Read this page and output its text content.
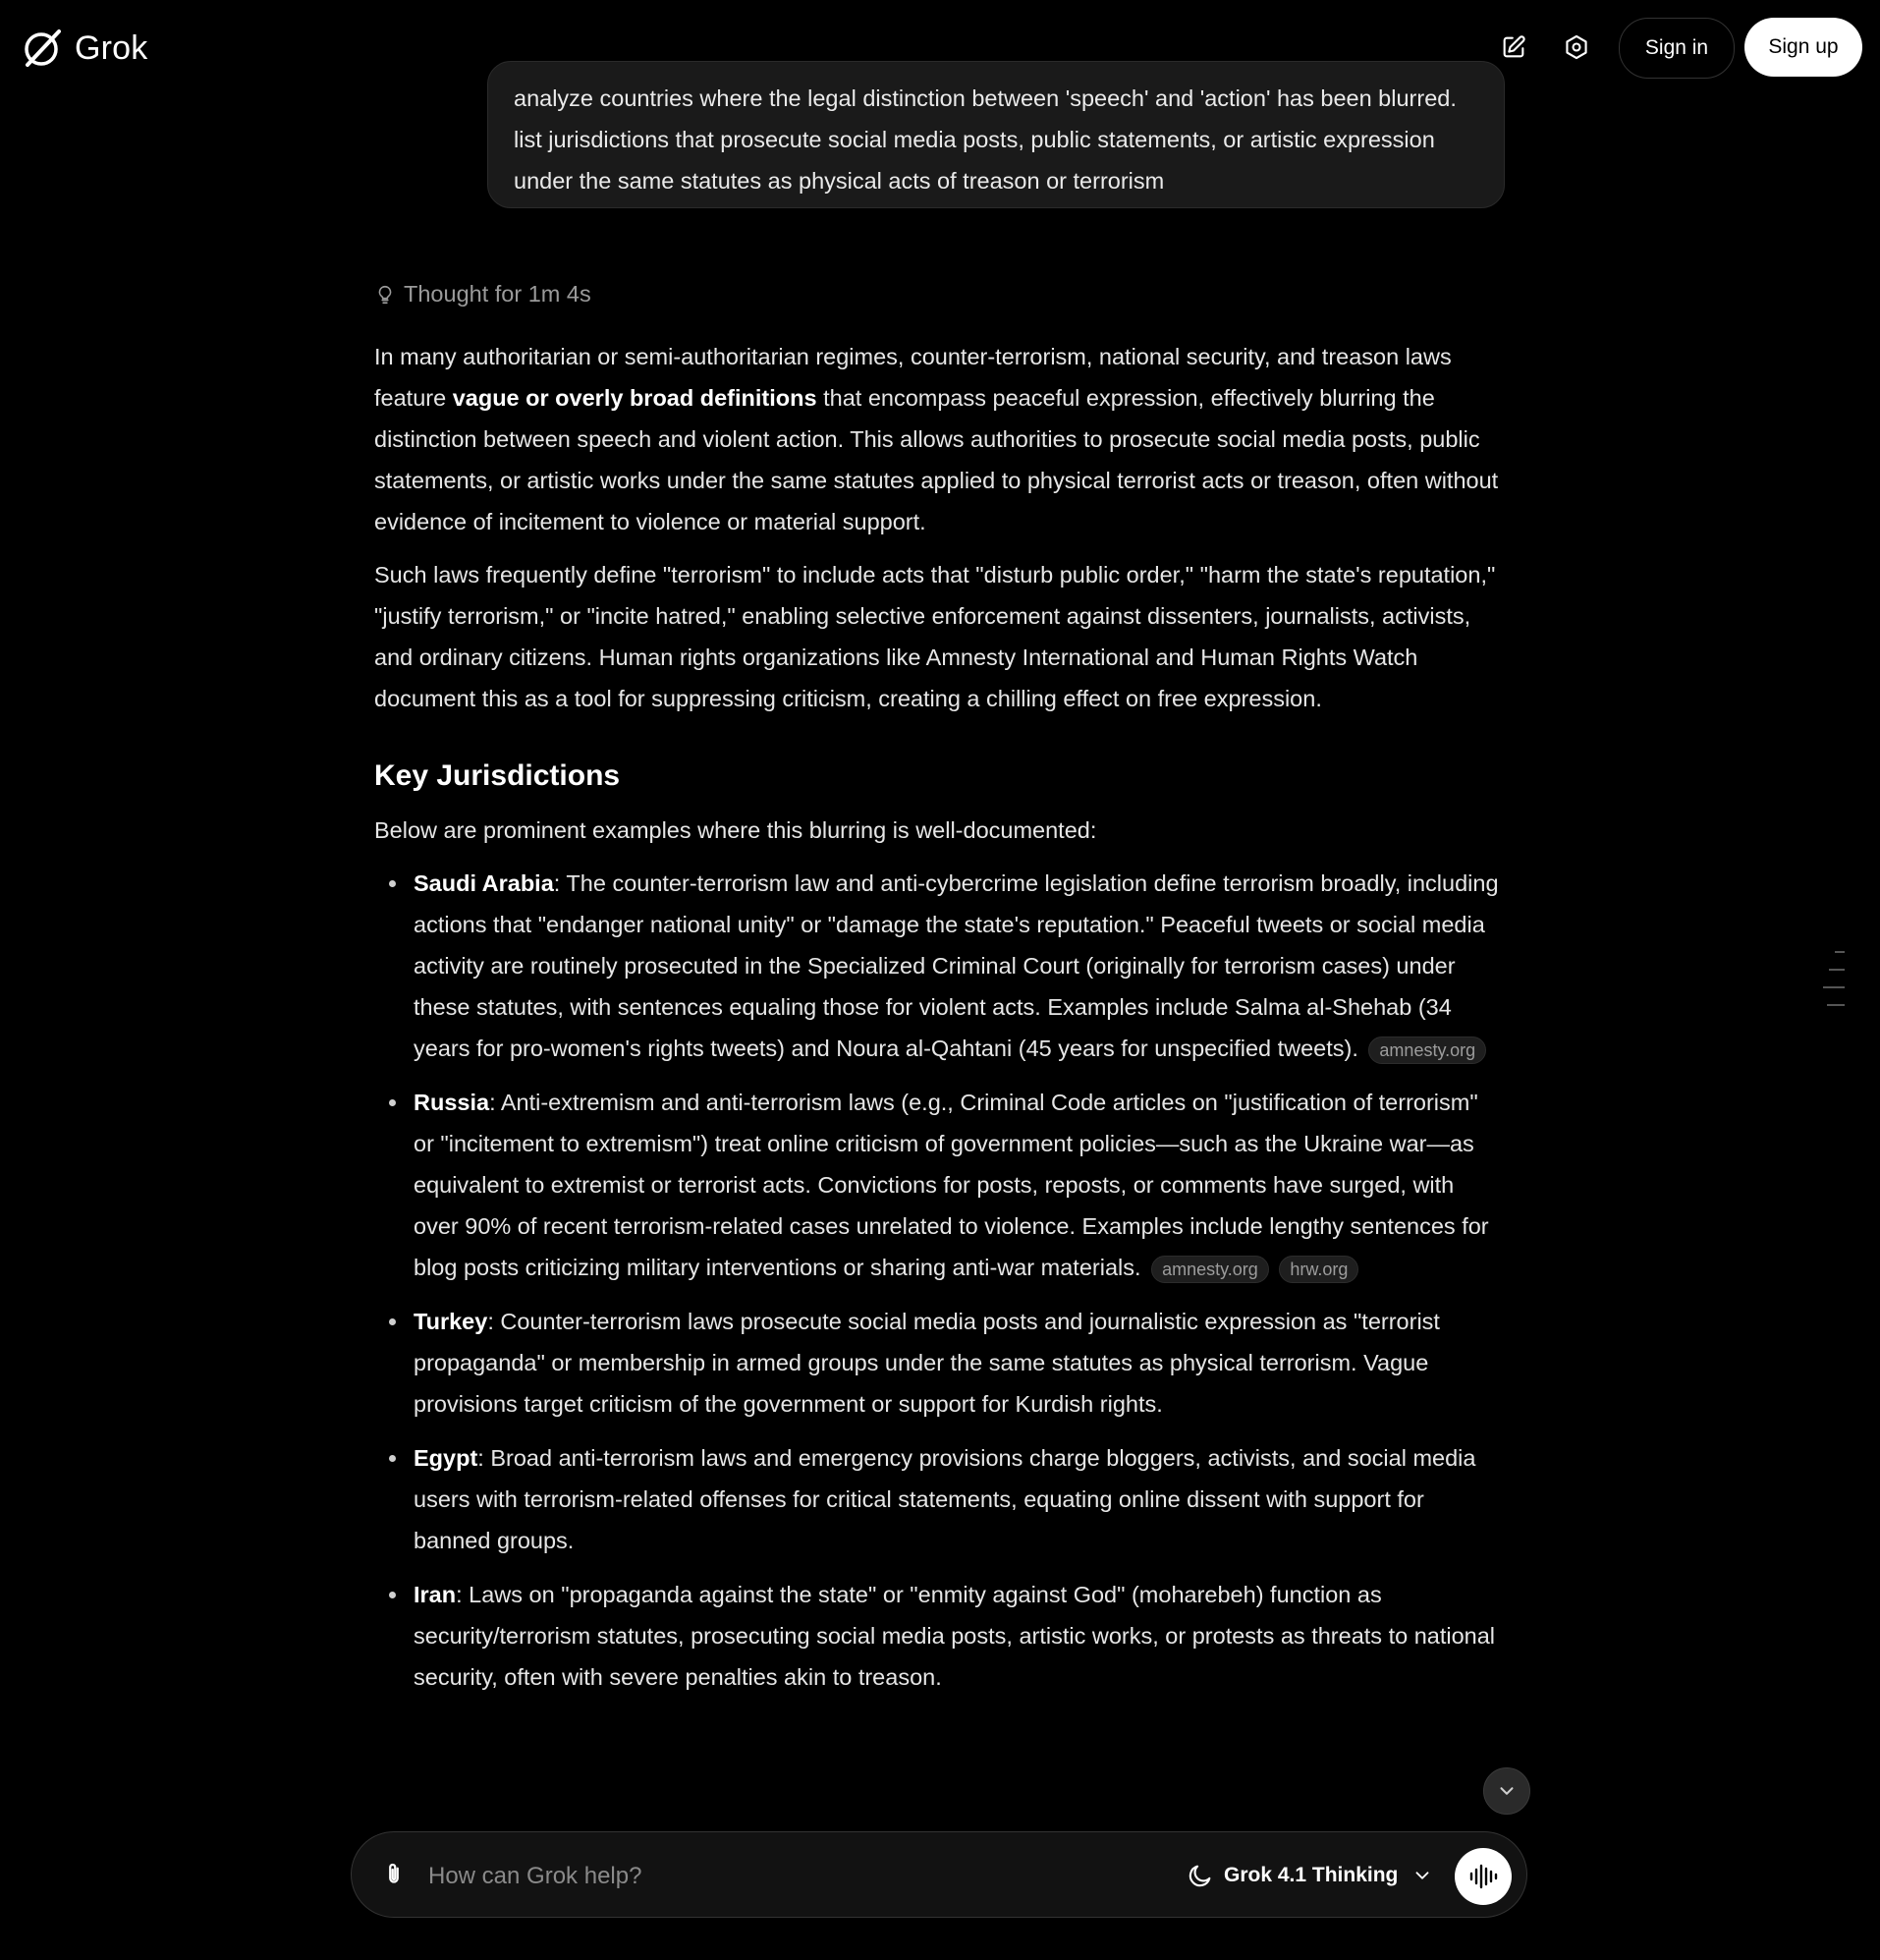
Grok	Sign in	Sign up
analyze countries where the legal distinction between 'speech' and 'action' has been blurred. list jurisdictions that prosecute social media posts, public statements, or artistic expression under the same statutes as physical acts of treason or terrorism
Thought for 1m 4s

In many authoritarian or semi-authoritarian regimes, counter-terrorism, national security, and treason laws feature vague or overly broad definitions that encompass peaceful expression, effectively blurring the distinction between speech and violent action. This allows authorities to prosecute social media posts, public statements, or artistic works under the same statutes applied to physical terrorist acts or treason, often without evidence of incitement to violence or material support.

Such laws frequently define "terrorism" to include acts that "disturb public order," "harm the state's reputation," "justify terrorism," or "incite hatred," enabling selective enforcement against dissenters, journalists, activists, and ordinary citizens. Human rights organizations like Amnesty International and Human Rights Watch document this as a tool for suppressing criticism, creating a chilling effect on free expression.

Key Jurisdictions

Below are prominent examples where this blurring is well-documented:

Saudi Arabia: The counter-terrorism law and anti-cybercrime legislation define terrorism broadly, including actions that "endanger national unity" or "damage the state's reputation." Peaceful tweets or social media activity are routinely prosecuted in the Specialized Criminal Court (originally for terrorism cases) under these statutes, with sentences equaling those for violent acts. Examples include Salma al-Shehab (34 years for pro-women's rights tweets) and Noura al-Qahtani (45 years for unspecified tweets). amnesty.org
Russia: Anti-extremism and anti-terrorism laws (e.g., Criminal Code articles on "justification of terrorism" or "incitement to extremism") treat online criticism of government policies—such as the Ukraine war—as equivalent to extremist or terrorist acts. Convictions for posts, reposts, or comments have surged, with over 90% of recent terrorism-related cases unrelated to violence. Examples include lengthy sentences for blog posts criticizing military interventions or sharing anti-war materials. amnesty.org hrw.org
Turkey: Counter-terrorism laws prosecute social media posts and journalistic expression as "terrorist propaganda" or membership in armed groups under the same statutes as physical terrorism. Vague provisions target criticism of the government or support for Kurdish rights.
Egypt: Broad anti-terrorism laws and emergency provisions charge bloggers, activists, and social media users with terrorism-related offenses for critical statements, equating online dissent with support for banned groups.
Iran: Laws on "propaganda against the state" or "enmity against God" (moharebeh) function as security/terrorism statutes, prosecuting social media posts, artistic works, or protests as threats to national security, often with severe penalties akin to treason.
How can Grok help?
Grok 4.1 Thinking
